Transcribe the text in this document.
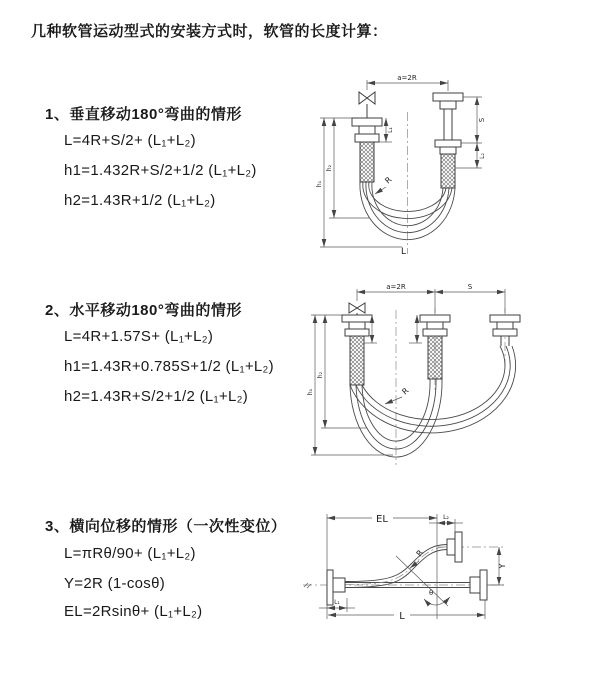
几种软管运动型式的安装方式时，软管的长度计算：
1、垂直移动180°弯曲的情形
L=4R+S/2+ (L₁+L₂)
h1=1.432R+S/2+1/2 (L₁+L₂)
h2=1.43R+1/2 (L₁+L₂)
2、水平移动180°弯曲的情形
L=4R+1.57S+ (L₁+L₂)
h1=1.43R+0.785S+1/2 (L₁+L₂)
h2=1.43R+S/2+1/2 (L₁+L₂)
3、横向位移的情形（一次性变位）
L=πRθ/90+ (L₁+L₂)
Y=2R (1-cosθ)
EL=2Rsinθ+ (L₁+L₂)
a=2R
S
L₂
h₁
h₂
L₁
R
L
a=2R	S
h₁
h₂
R
EL	L₂
Y
L
L₁
R
θ
